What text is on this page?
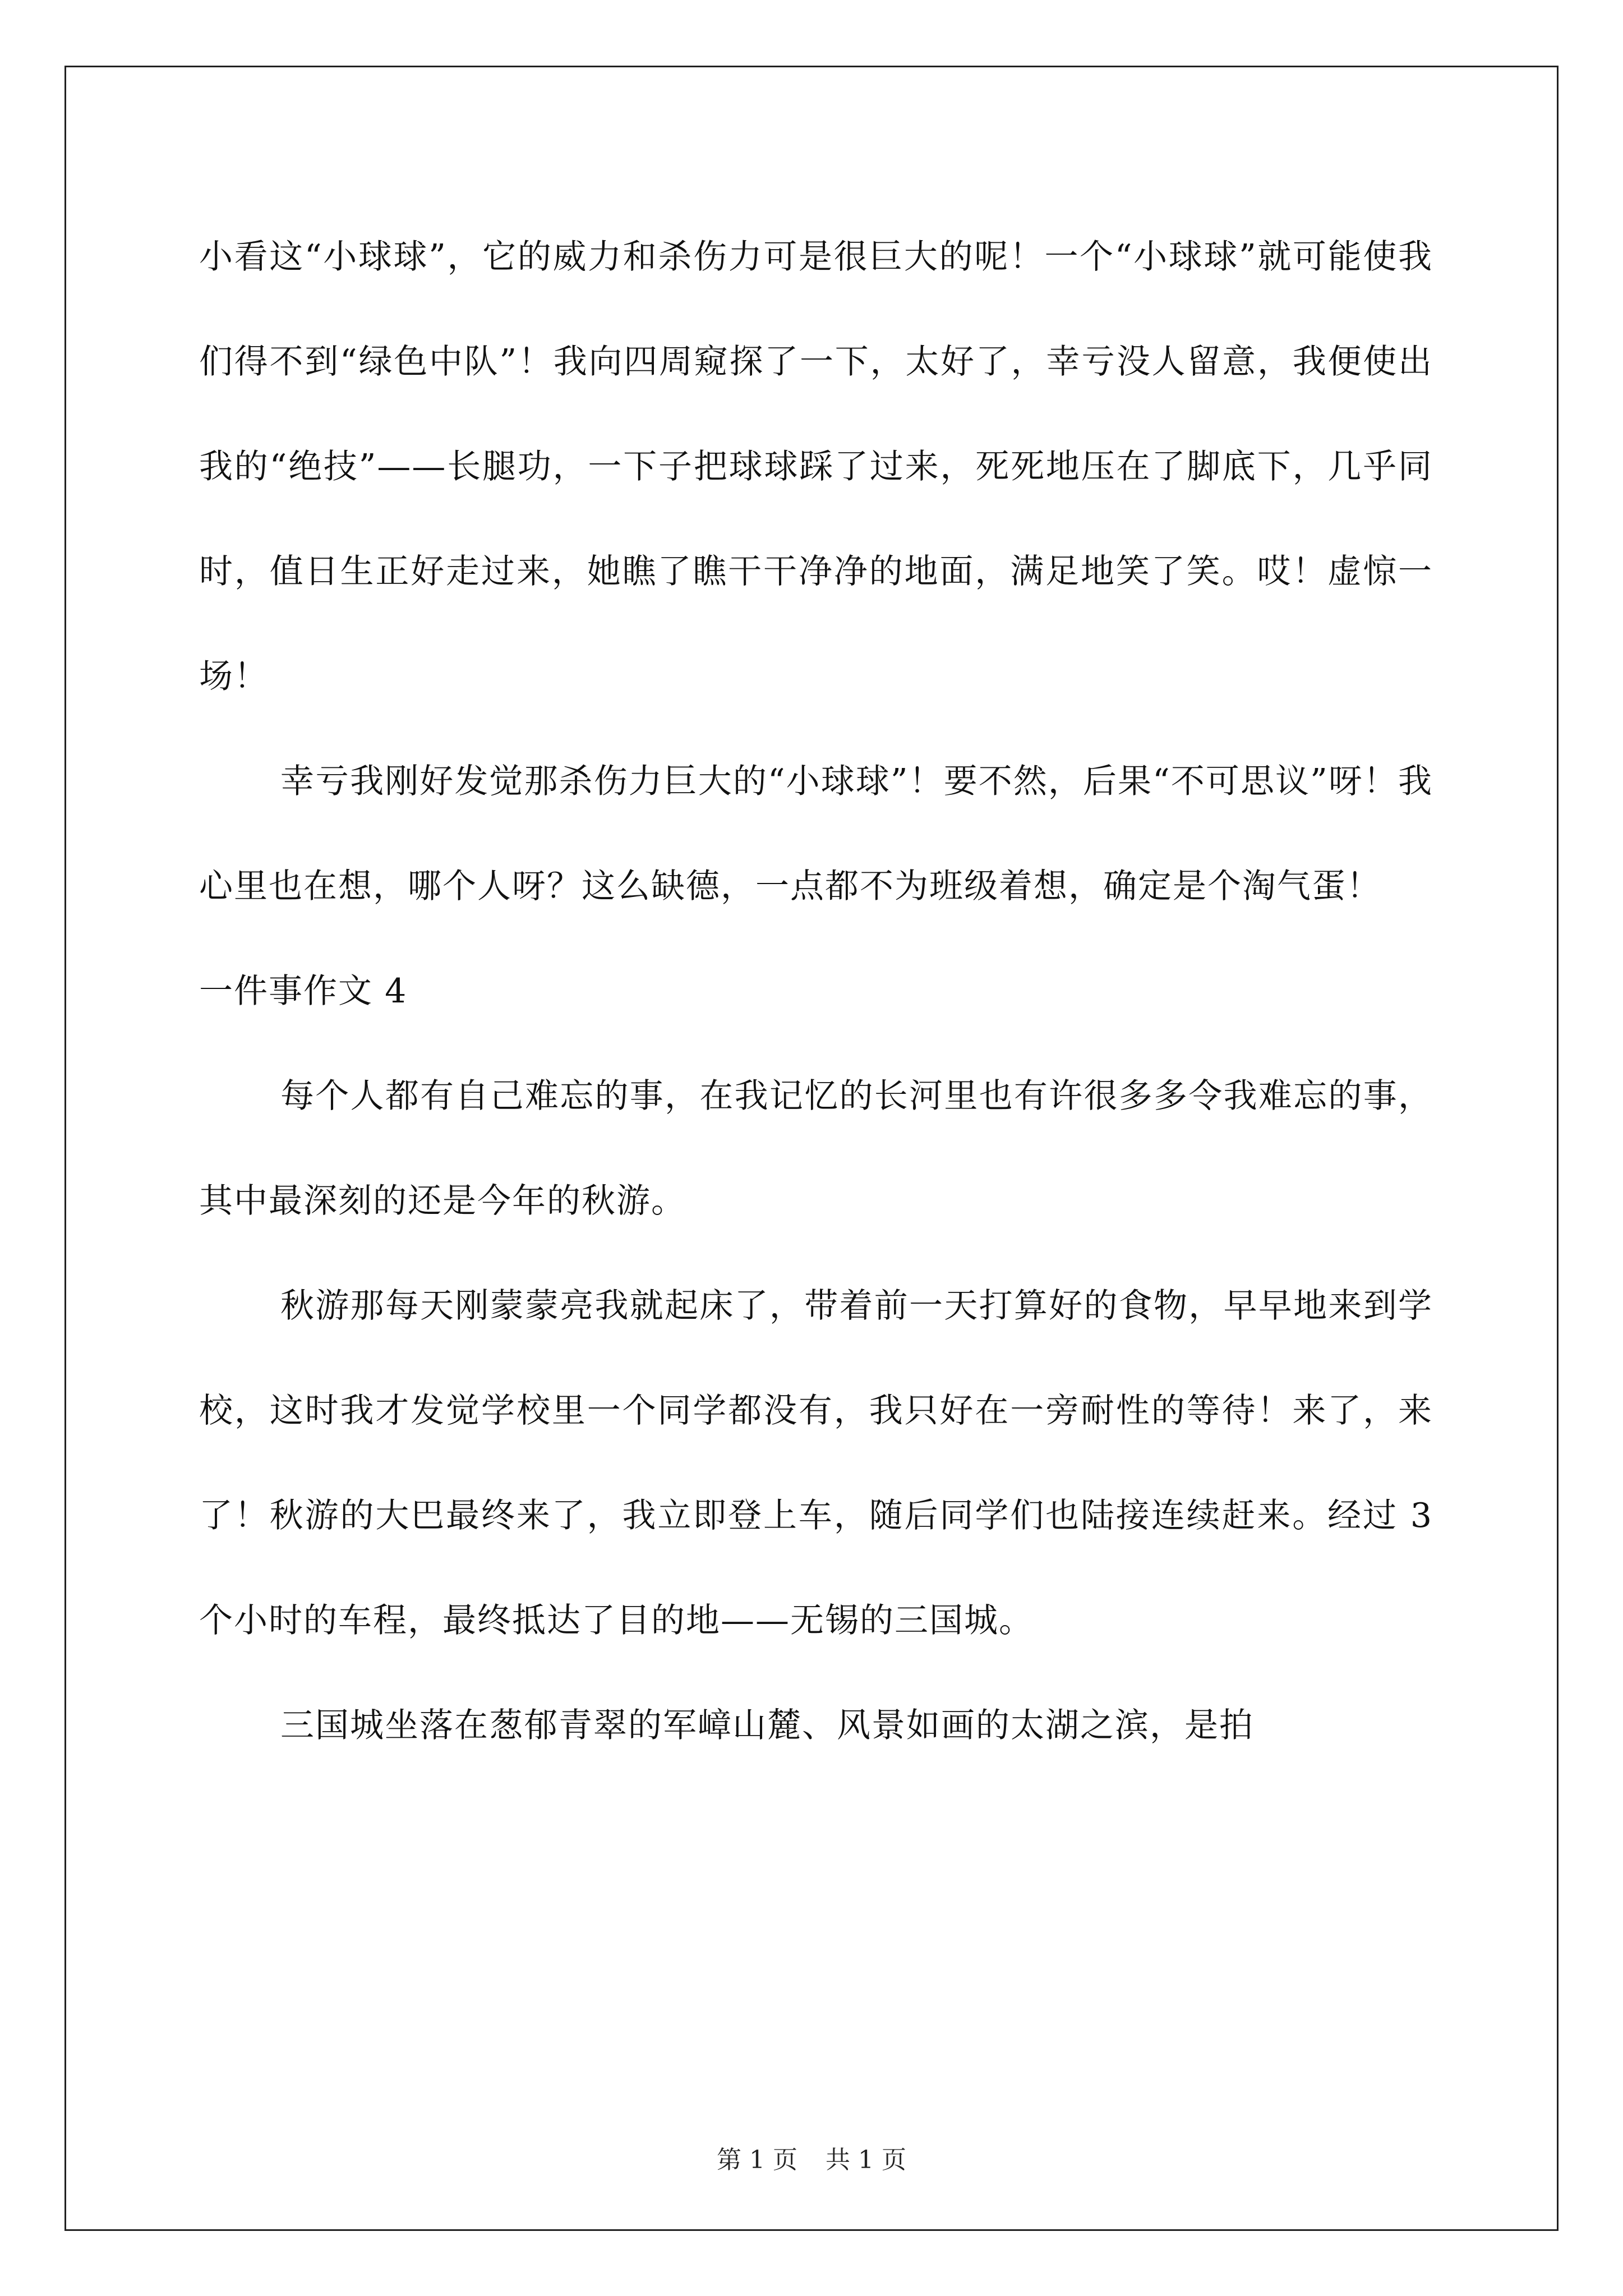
小看这“小球球”，它的威力和杀伤力可是很巨大的呢！一个“小球球”就可能使我们得不到“绿色中队”！我向四周窥探了一下，太好了，幸亏没人留意，我便使出我的“绝技”——长腿功，一下子把球球踩了过来，死死地压在了脚底下，几乎同时，值日生正好走过来，她瞧了瞧干干净净的地面，满足地笑了笑。哎！虚惊一场！

幸亏我刚好发觉那杀伤力巨大的“小球球”！要不然，后果“不可思议”呀！我心里也在想，哪个人呀？这么缺德，一点都不为班级着想，确定是个淘气蛋！

一件事作文 4

每个人都有自己难忘的事，在我记忆的长河里也有许很多多令我难忘的事，其中最深刻的还是今年的秋游。

秋游那每天刚蒙蒙亮我就起床了，带着前一天打算好的食物，早早地来到学校，这时我才发觉学校里一个同学都没有，我只好在一旁耐性的等待！来了，来了！秋游的大巴最终来了，我立即登上车，随后同学们也陆接连续赶来。经过 3 个小时的车程，最终抵达了目的地——无锡的三国城。

三国城坐落在葱郁青翠的军嶂山麓、风景如画的太湖之滨，是拍

第 1 页 共 1 页
